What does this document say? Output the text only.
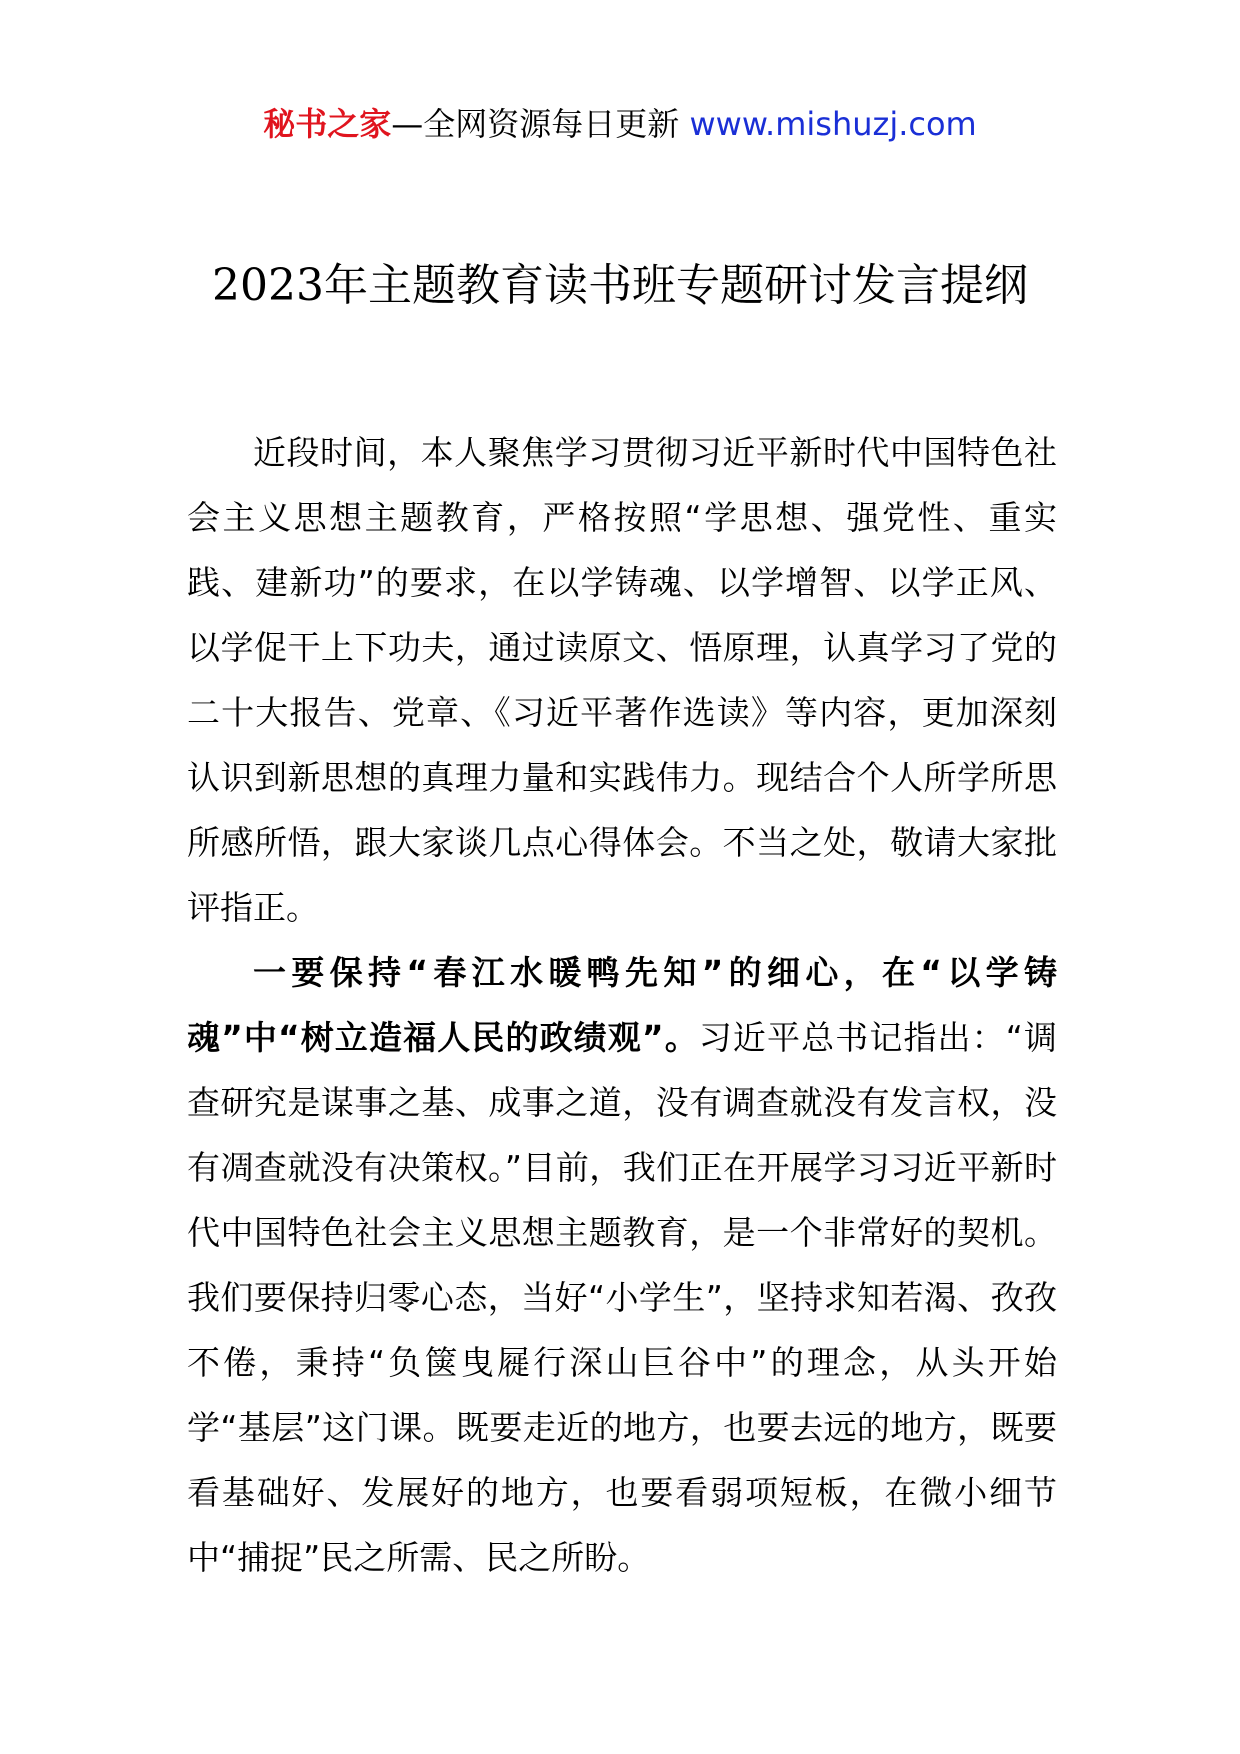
秘书之家—全网资源每日更新 www.mishuzj.com
2023年主题教育读书班专题研讨发言提纲

近段时间，本人聚焦学习贯彻习近平新时代中国特色社会主义思想主题教育，严格按照“学思想、强党性、重实践、建新功”的要求，在以学铸魂、以学增智、以学正风、以学促干上下功夫，通过读原文、悟原理，认真学习了党的二十大报告、党章、《习近平著作选读》等内容，更加深刻认识到新思想的真理力量和实践伟力。现结合个人所学所思所感所悟，跟大家谈几点心得体会。不当之处，敬请大家批评指正。

一要保持“春江水暖鸭先知”的细心，在“以学铸魂”中“树立造福人民的政绩观”。习近平总书记指出：“调查研究是谋事之基、成事之道，没有调查就没有发言权，没有凋查就没有决策权。”目前，我们正在开展学习习近平新时代中国特色社会主义思想主题教育，是一个非常好的契机。我们要保持归零心态，当好“小学生”，坚持求知若渴、孜孜不倦，秉持“负箧曳屣行深山巨谷中”的理念，从头开始学“基层”这门课。既要走近的地方，也要去远的地方，既要看基础好、发展好的地方，也要看弱项短板，在微小细节中“捕捉”民之所需、民之所盼。
